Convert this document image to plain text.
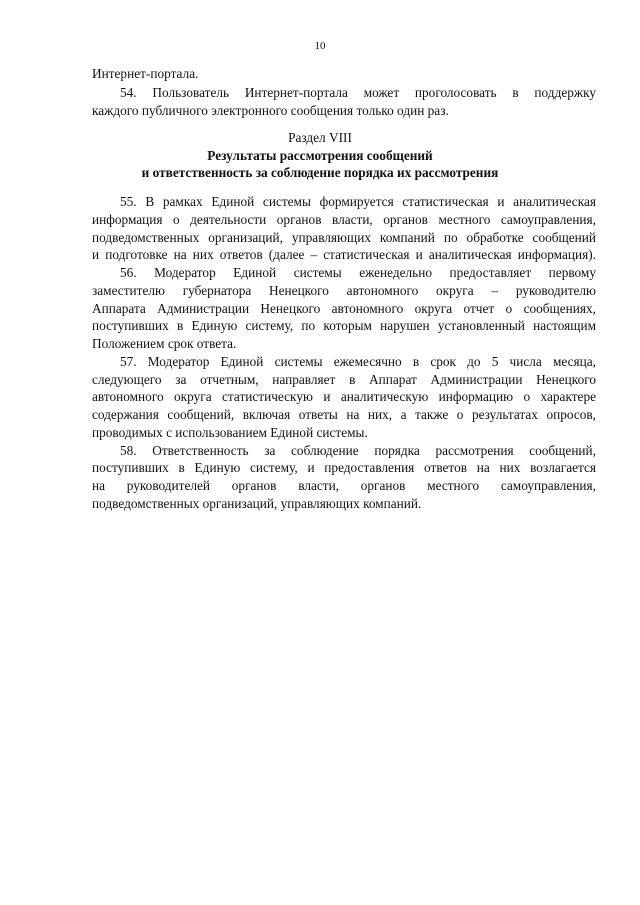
10
Интернет-портала.
54. Пользователь Интернет-портала может проголосовать в поддержку
каждого публичного электронного сообщения только один раз.
Раздел VIII
Результаты рассмотрения сообщений
и ответственность за соблюдение порядка их рассмотрения
55. В рамках Единой системы формируется статистическая и аналитическая
информация о деятельности органов власти, органов местного самоуправления,
подведомственных организаций, управляющих компаний по обработке сообщений
и подготовке на них ответов (далее – статистическая и аналитическая информация).
56. Модератор Единой системы еженедельно предоставляет первому
заместителю губернатора Ненецкого автономного округа – руководителю
Аппарата Администрации Ненецкого автономного округа отчет о сообщениях,
поступивших в Единую систему, по которым нарушен установленный настоящим
Положением срок ответа.
57. Модератор Единой системы ежемесячно в срок до 5 числа месяца,
следующего за отчетным, направляет в Аппарат Администрации Ненецкого
автономного округа статистическую и аналитическую информацию о характере
содержания сообщений, включая ответы на них, а также о результатах опросов,
проводимых с использованием Единой системы.
58. Ответственность за соблюдение порядка рассмотрения сообщений,
поступивших в Единую систему, и предоставления ответов на них возлагается
на руководителей органов власти, органов местного самоуправления,
подведомственных организаций, управляющих компаний.
